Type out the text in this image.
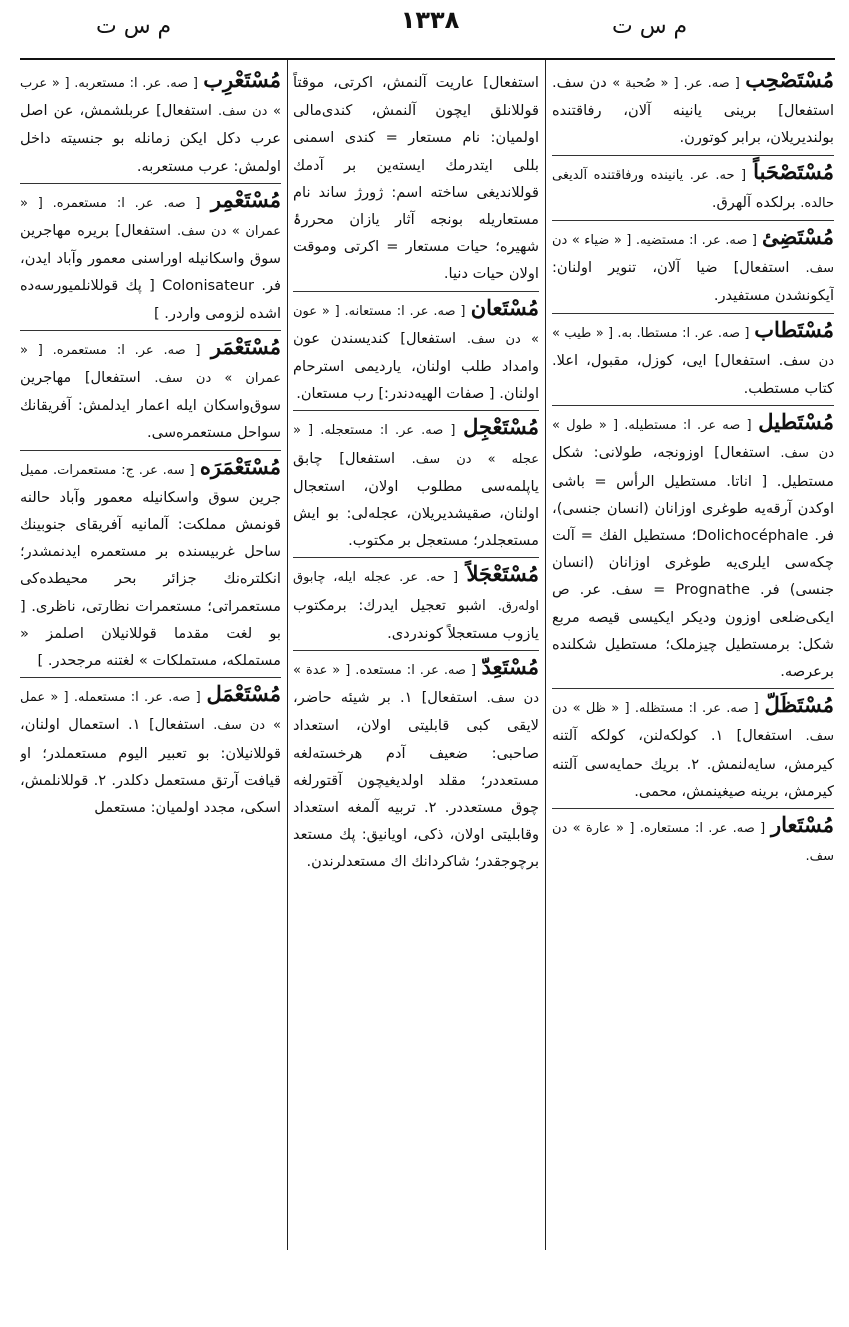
م س ت	١٣٣٨	م س ت
مُسْتَصْحِب [ صه. عر. [ « صُحبة » دن سف. استفعال] برینی یانینه آلان، رفاقتنده بولندیریلان، برابر کوتورن.
مُسْتَصْحَباً [ حه. عر. یانینده ورفاقتنده آلدیغی حالده. برلکده آلهرق.
مُسْتَضِئ [ صه. عر. ا: مستضیه. [ « ضیاء » دن سف. استفعال] ضیا آلان، تنویر اولنان: آیکونشدن مستفیدر.
مُسْتَطاب [ صه. عر. ا: مستطا. به. [ « طیب » دن سف. استفعال] ایی، کوزل، مقبول، اعلا. کتاب مستطب.
مُسْتَطیل [ صه عر. ا: مستطیله. [ « طول » دن سف. استفعال] اوزونجه، طولانی: شکل مستطیل. [ اناتا. مستطیل الرأس = باشی اوکدن آرقه‌یه طوغری اوزانان (انسان جنسی)، فر. Dolichocéphale؛ مستطیل الفك = آلت چکه‌سی ایلری‌یه طوغری اوزانان (انسان جنسی) فر. Prognathe = سف. عر. ص ایکی‌ضلعی اوزون ودیکر ایکیسی قیصه مربع شکل: برمستطیل چیزملک؛ مستطیل شکلنده برعرصه.
مُسْتَظَلّ [ صه. عر. ا: مستظله. [ « ظل » دن سف. استفعال] ١. کولکه‌لنن، کولکه آلتنه کیرمش، سایه‌لنمش. ٢. بریك حمایه‌سی آلتنه کیرمش، برینه صیغینمش، محمی.
مُسْتَعار [ صه. عر. ا: مستعاره. [ « عارة » دن سف.
استفعال] عاریت آلنمش، اکرتی، موقتاً قوللانلق ایچون آلنمش، کندی‌مالی اولمیان: نام مستعار = کندی اسمنی بللی ایتدرمك ایسته‌ین بر آدمك قوللاندیغی ساخته اسم: ژورژ ساند نام مستعاریله بونجه آثار یازان محررۂ شهیره؛ حیات مستعار = اکرتی وموقت اولان حیات دنیا.
مُسْتَعان [ صه. عر. ا: مستعانه. [ « عون » دن سف. استفعال] کندیسندن عون وامداد طلب اولنان، یاردیمی استرحام اولنان. [ صفات الهیه‌دندر:] رب مستعان.
مُسْتَعْجِل [ صه. عر. ا: مستعجله. [ « عجله » دن سف. استفعال] چابق یاپلمه‌سی مطلوب اولان، استعجال اولنان، صقیشدیریلان، عجله‌لی: بو ایش مستعجلدر؛ مستعجل بر مکتوب.
مُسْتَعْجَلاً [ حه. عر. عجله ایله، چابوق اوله‌رق. اشبو تعجیل ایدرك: برمکتوب یازوب مستعجلاً کوندردی.
مُسْتَعِدّ [ صه. عر. ا: مستعده. [ « عدة » دن سف. استفعال] ١. بر شیئه حاضر، لایقی کبی قابلیتی اولان، استعداد صاحبی: ضعیف آدم هرخسته‌لغه مستعددر؛ مقلد اولدیغیچون آقتورلغه چوق مستعددر. ٢. تربیه آلمغه استعداد وقابلیتی اولان، ذکی، اویانیق: پك مستعد برچوجقدر؛ شاکردانك اك مستعدلرندن.
مُسْتَعْرِب [ صه. عر. ا: مستعربه. [ « عرب » دن سف. استفعال] عربلشمش، عن اصل عرب دکل ایکن زمانله بو جنسیته داخل اولمش: عرب مستعربه.
مُسْتَعْمِر [ صه. عر. ا: مستعمره. [ « عمران » دن سف. استفعال] بریره مهاجرین سوق واسکانیله اوراسنی معمور وآباد ایدن، فر. Colonisateur [ پك قوللانلمیورسه‌ده اشده لزومی واردر. ]
مُسْتَعْمَر [ صه. عر. ا: مستعمره. [ « عمران » دن سف. استفعال] مهاجرین سوق‌واسکان ایله اعمار ایدلمش: آفریقانك سواحل مستعمره‌سی.
مُسْتَعْمَرَه [ سه. عر. ج: مستعمرات. ممیل جرین سوق واسکانیله معمور وآباد حالنه قونمش مملکت: آلمانیه آفریقای جنوبینك ساحل غربیسنده بر مستعمره ایدنمشدر؛ انکلتره‌نك جزائر بحر محیطده‌کی مستعمراتی؛ مستعمرات نظارتی، ناظری. [ بو لغت مقدما قوللانیلان اصلمز « مستملکه، مستملکات » لغتنه مرجحدر. ]
مُسْتَعْمَل [ صه. عر. ا: مستعمله. [ « عمل » دن سف. استفعال] ١. استعمال اولنان، قوللانیلان: بو تعبیر الیوم مستعملدر؛ او قیافت آرتق مستعمل دکلدر. ٢. قوللانلمش، اسکی، مجدد اولمیان: مستعمل
